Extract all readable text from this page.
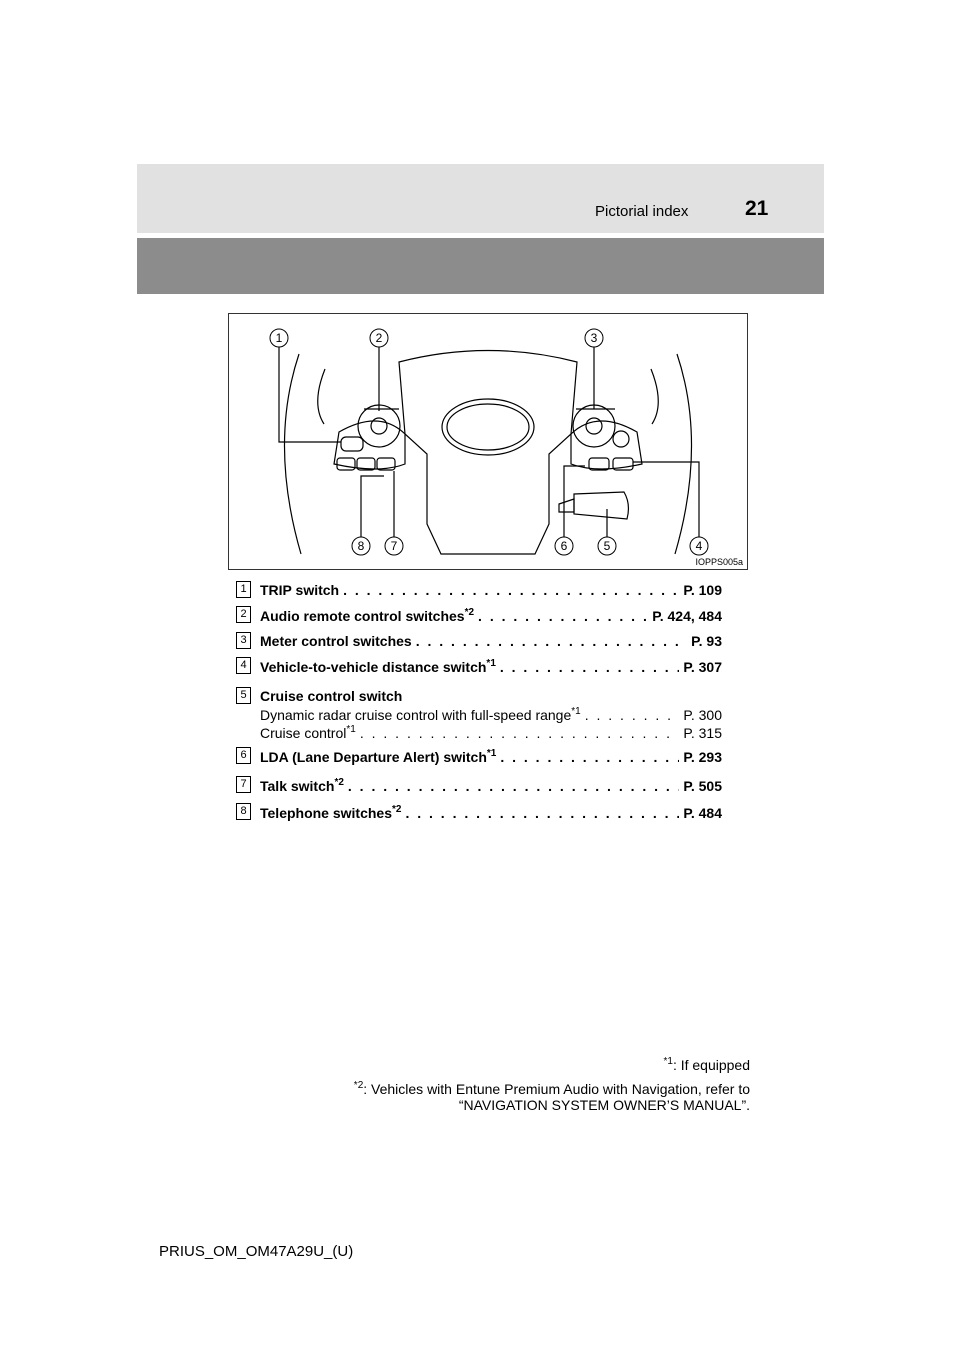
Pictorial index	21
1	2	3
4
5
6
7
8
IOPPS005a
1 TRIP switch . . .	P. 109
2 Audio remote control switches$^{*2}$ . . .	P. 424, 484
3 Meter control switches . . .	P. 93
4 Vehicle-to-vehicle distance switch$^{*1}$ . . .	P. 307
5 Cruise control switch
Dynamic radar cruise control with full-speed range$^{*1}$ . . .	P. 300
Cruise control$^{*1}$ . . .	P. 315
6 LDA (Lane Departure Alert) switch$^{*1}$ . . .	P. 293
7 Talk switch$^{*2}$ . . .	P. 505
8 Telephone switches$^{*2}$ . . .	P. 484
$^{*1}$: If equipped
$^{*2}$: Vehicles with Entune Premium Audio with Navigation, refer to
“NAVIGATION SYSTEM OWNER’S MANUAL”.
PRIUS_OM_OM47A29U_(U)
